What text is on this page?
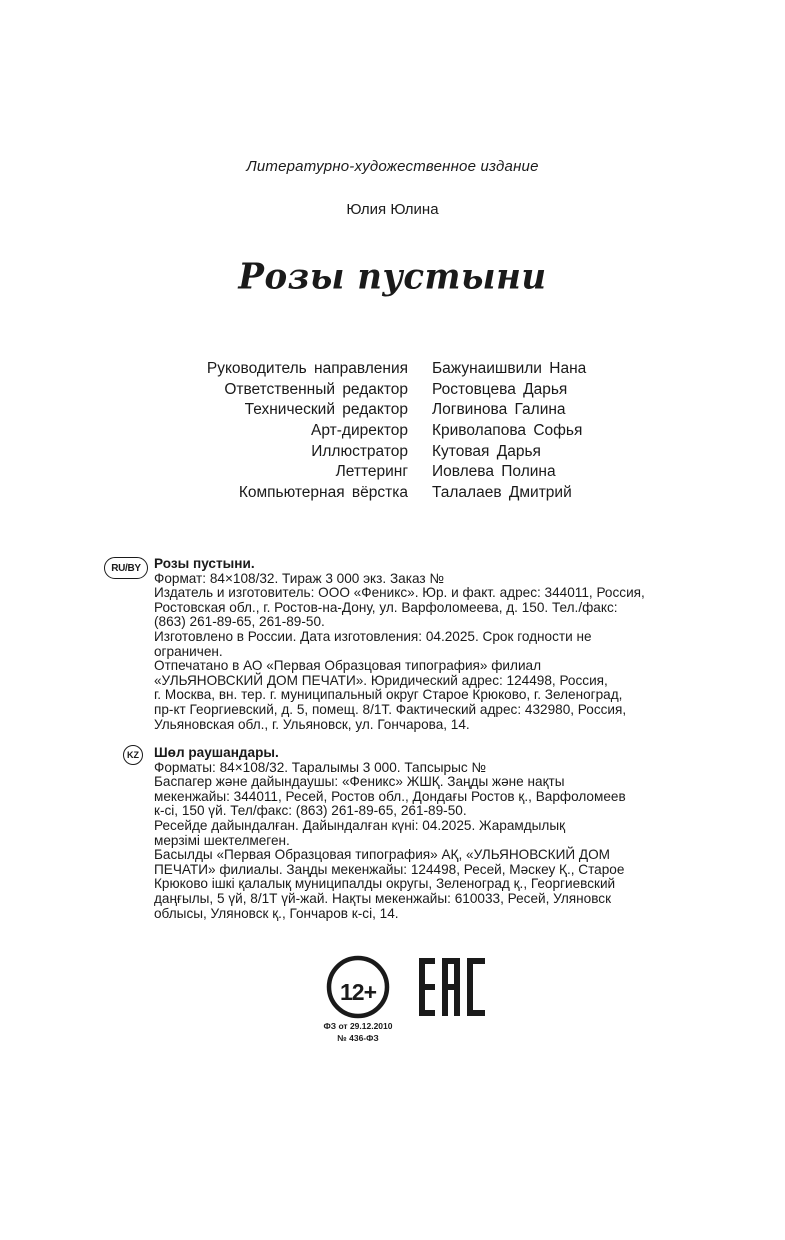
Литературно-художественное издание
Юлия Юлина
Розы пустыни
Руководитель направления Бажунаишвили Нана
Ответственный редактор Ростовцева Дарья
Технический редактор Логвинова Галина
Арт-директор Криволапова Софья
Иллюстратор Кутовая Дарья
Леттеринг Иовлева Полина
Компьютерная вёрстка Талалаев Дмитрий
RU/BY Розы пустыни.

Формат: 84×108/32. Тираж 3 000 экз. Заказ №

Издатель и изготовитель: ООО «Феникс». Юр. и факт. адрес: 344011, Россия,

Ростовская обл., г. Ростов-на-Дону, ул. Варфоломеева, д. 150. Тел./факс:

(863) 261-89-65, 261-89-50.

Изготовлено в России. Дата изготовления: 04.2025. Срок годности не

ограничен.

Отпечатано в АО «Первая Образцовая типография» филиал

«УЛЬЯНОВСКИЙ ДОМ ПЕЧАТИ». Юридический адрес: 124498, Россия,

г. Москва, вн. тер. г. муниципальный округ Старое Крюково, г. Зеленоград,

пр-кт Георгиевский, д. 5, помещ. 8/1Т. Фактический адрес: 432980, Россия,

Ульяновская обл., г. Ульяновск, ул. Гончарова, 14.

KZ Шөл раушандары.

Форматы: 84×108/32. Таралымы 3 000. Тапсырыс №

Баспагер және дайындаушы: «Феникс» ЖШҚ. Заңды және нақты

мекенжайы: 344011, Ресей, Ростов обл., Дондағы Ростов қ., Варфоломеев

к-сі, 150 үй. Тел/факс: (863) 261-89-65, 261-89-50.

Ресейде дайындалған. Дайындалған күні: 04.2025. Жарамдылық

мерзімі шектелмеген.

Басылды «Первая Образцовая типография» АҚ, «УЛЬЯНОВСКИЙ ДОМ

ПЕЧАТИ» филиалы. Заңды мекенжайы: 124498, Ресей, Мәскеу Қ., Старое

Крюково ішкі қалалық муниципалды округы, Зеленоград қ., Георгиевский

даңғылы, 5 үй, 8/1Т үй-жай. Нақты мекенжайы: 610033, Ресей, Уляновск

облысы, Уляновск қ., Гончаров к-сі, 14.

12+

ФЗ от 29.12.2010

№ 436-ФЗ
